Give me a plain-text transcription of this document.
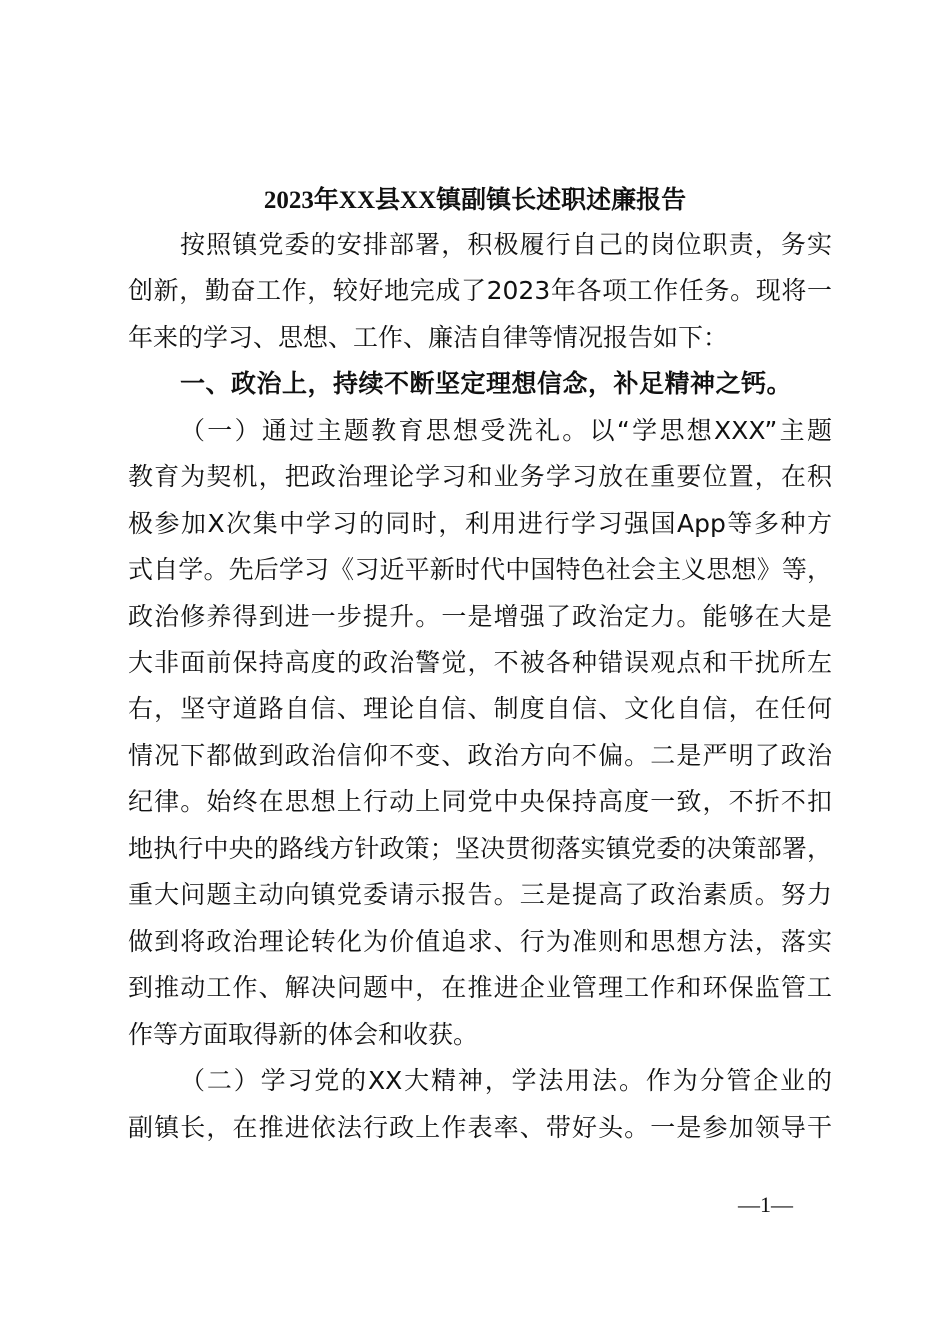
2023年XX县XX镇副镇长述职述廉报告
按照镇党委的安排部署，积极履行自己的岗位职责，务实
创新，勤奋工作，较好地完成了2023年各项工作任务。现将一
年来的学习、思想、工作、廉洁自律等情况报告如下：
一、政治上，持续不断坚定理想信念，补足精神之钙。
（一）通过主题教育思想受洗礼。以“学思想XXX”主题
教育为契机，把政治理论学习和业务学习放在重要位置，在积
极参加X次集中学习的同时，利用进行学习强国App等多种方
式自学。先后学习《习近平新时代中国特色社会主义思想》等，
政治修养得到进一步提升。一是增强了政治定力。能够在大是
大非面前保持高度的政治警觉，不被各种错误观点和干扰所左
右，坚守道路自信、理论自信、制度自信、文化自信，在任何
情况下都做到政治信仰不变、政治方向不偏。二是严明了政治
纪律。始终在思想上行动上同党中央保持高度一致，不折不扣
地执行中央的路线方针政策；坚决贯彻落实镇党委的决策部署，
重大问题主动向镇党委请示报告。三是提高了政治素质。努力
做到将政治理论转化为价值追求、行为准则和思想方法，落实
到推动工作、解决问题中，在推进企业管理工作和环保监管工
作等方面取得新的体会和收获。
（二）学习党的XX大精神，学法用法。作为分管企业的
副镇长，在推进依法行政上作表率、带好头。一是参加领导干
—1—
